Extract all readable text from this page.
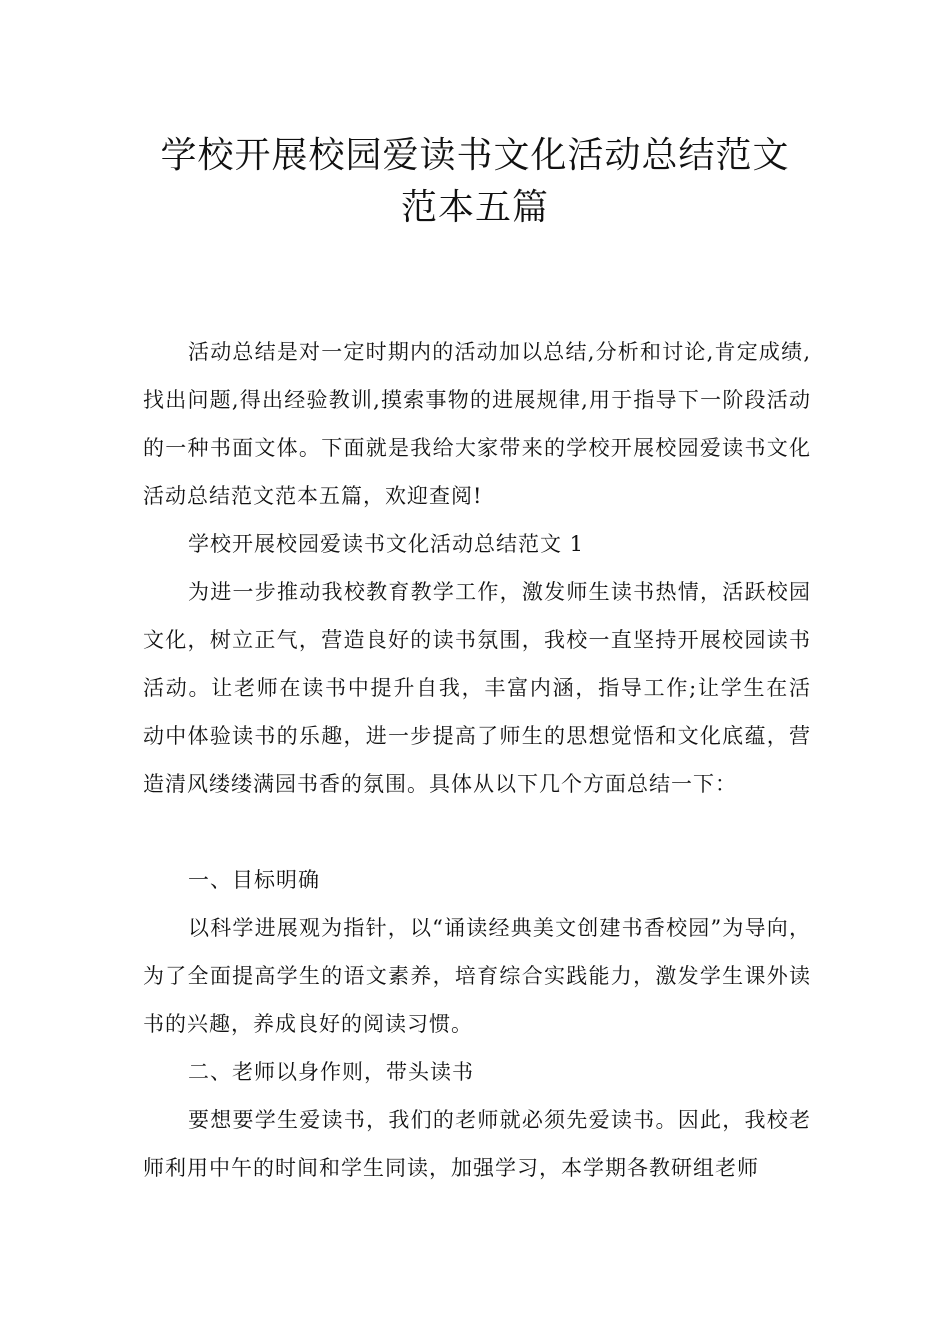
学校开展校园爱读书文化活动总结范文
范本五篇

活动总结是对一定时期内的活动加以总结,分析和讨论,肯定成绩,找出问题,得出经验教训,摸索事物的进展规律,用于指导下一阶段活动的一种书面文体。下面就是我给大家带来的学校开展校园爱读书文化活动总结范文范本五篇，欢迎查阅!

学校开展校园爱读书文化活动总结范文 1

为进一步推动我校教育教学工作，激发师生读书热情，活跃校园文化，树立正气，营造良好的读书氛围，我校一直坚持开展校园读书活动。让老师在读书中提升自我，丰富内涵，指导工作;让学生在活动中体验读书的乐趣，进一步提高了师生的思想觉悟和文化底蕴，营造清风缕缕满园书香的氛围。具体从以下几个方面总结一下：

一、目标明确

以科学进展观为指针，以“诵读经典美文创建书香校园”为导向，为了全面提高学生的语文素养，培育综合实践能力，激发学生课外读书的兴趣，养成良好的阅读习惯。

二、老师以身作则，带头读书

要想要学生爱读书，我们的老师就必须先爱读书。因此，我校老师利用中午的时间和学生同读，加强学习，本学期各教研组老师
